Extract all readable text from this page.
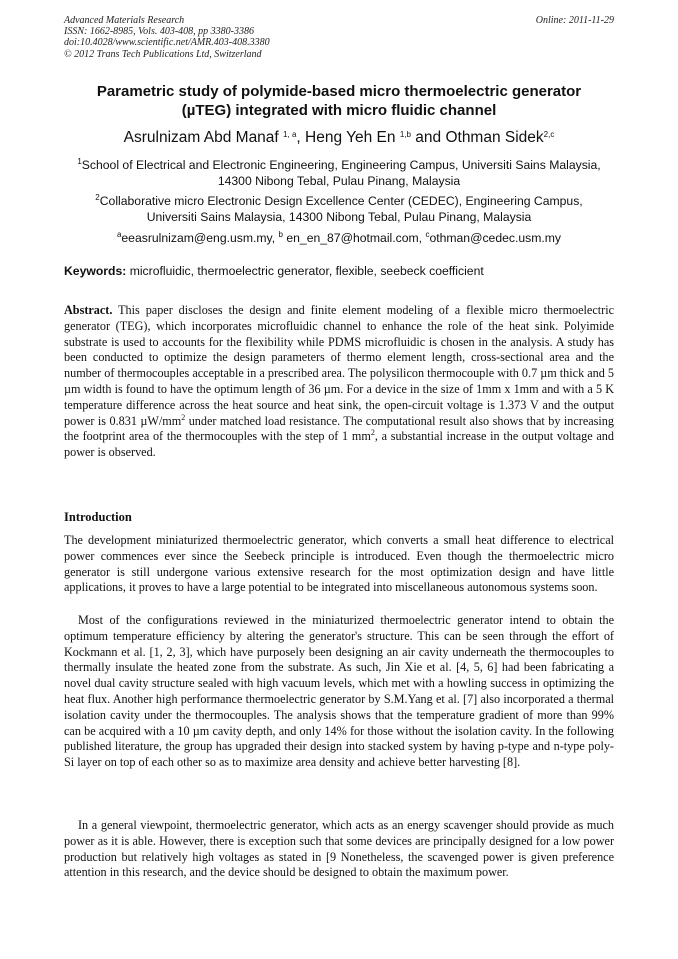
Advanced Materials Research
ISSN: 1662-8985, Vols. 403-408, pp 3380-3386
doi:10.4028/www.scientific.net/AMR.403-408.3380
© 2012 Trans Tech Publications Ltd, Switzerland
Online: 2011-11-29
Parametric study of polymide-based micro thermoelectric generator
(µTEG) integrated with micro fluidic channel
Asrulnizam Abd Manaf $^{1, a}$, Heng Yeh En $^{1,b}$ and Othman Sidek$^{2,c}$
$^1$School of Electrical and Electronic Engineering, Engineering Campus, Universiti Sains Malaysia,
14300 Nibong Tebal, Pulau Pinang, Malaysia
$^2$Collaborative micro Electronic Design Excellence Center (CEDEC), Engineering Campus,
Universiti Sains Malaysia, 14300 Nibong Tebal, Pulau Pinang, Malaysia
$^a$eeasrulnizam@eng.usm.my, $^b$ en_en_87@hotmail.com, $^c$othman@cedec.usm.my
Keywords: microfluidic, thermoelectric generator, flexible, seebeck coefficient
Abstract. This paper discloses the design and finite element modeling of a flexible micro thermoelectric generator (TEG), which incorporates microfluidic channel to enhance the role of the heat sink. Polyimide substrate is used to accounts for the flexibility while PDMS microfluidic is chosen in the analysis. A study has been conducted to optimize the design parameters of thermo element length, cross-sectional area and the number of thermocouples acceptable in a prescribed area. The polysilicon thermocouple with 0.7 µm thick and 5 µm width is found to have the optimum length of 36 µm. For a device in the size of 1mm x 1mm and with a 5 K temperature difference across the heat source and heat sink, the open-circuit voltage is 1.373 V and the output power is 0.831 $\mu W/mm^2$ under matched load resistance. The computational result also shows that by increasing the footprint area of the thermocouples with the step of 1 $mm^2$, a substantial increase in the output voltage and power is observed.
Introduction
The development miniaturized thermoelectric generator, which converts a small heat difference to electrical power commences ever since the Seebeck principle is introduced. Even though the thermoelectric micro generator is still undergone various extensive research for the most optimization design and have little applications, it proves to have a large potential to be integrated into miscellaneous autonomous systems soon.
Most of the configurations reviewed in the miniaturized thermoelectric generator intend to obtain the optimum temperature efficiency by altering the generator's structure. This can be seen through the effort of Kockmann et al. [1, 2, 3], which have purposely been designing an air cavity underneath the thermocouples to thermally insulate the heated zone from the substrate. As such, Jin Xie et al. [4, 5, 6] had been fabricating a novel dual cavity structure sealed with high vacuum levels, which met with a howling success in optimizing the heat flux. Another high performance thermoelectric generator by S.M.Yang et al. [7] also incorporated a thermal isolation cavity under the thermocouples. The analysis shows that the temperature gradient of more than 99% can be acquired with a 10 µm cavity depth, and only 14% for those without the isolation cavity. In the following published literature, the group has upgraded their design into stacked system by having p-type and n-type poly-Si layer on top of each other so as to maximize area density and achieve better harvesting [8].
In a general viewpoint, thermoelectric generator, which acts as an energy scavenger should provide as much power as it is able. However, there is exception such that some devices are principally designed for a low power production but relatively high voltages as stated in [9 Nonetheless, the scavenged power is given preference attention in this research, and the device should be designed to obtain the maximum power.
